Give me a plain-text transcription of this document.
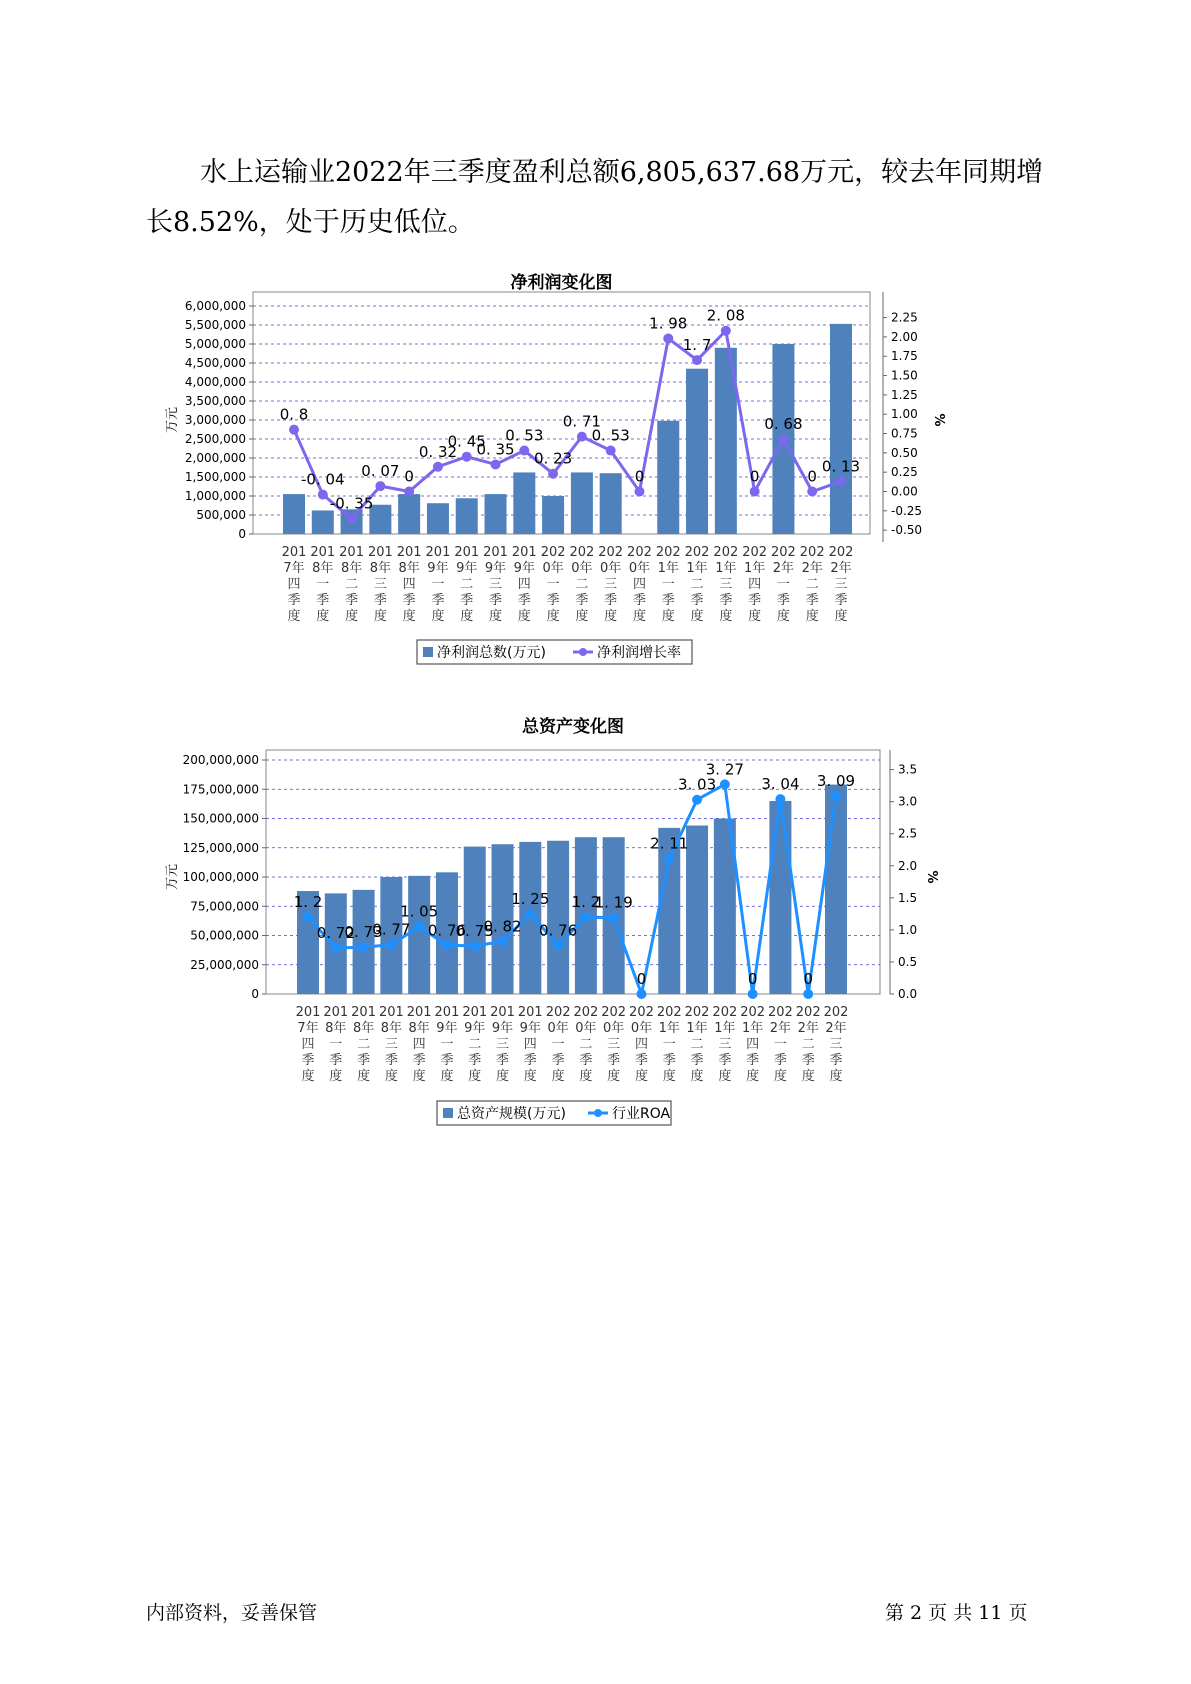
水上运输业2022年三季度盈利总额6,805,637.68万元，较去年同期增长8.52%，处于历史低位。

净利润变化图
0
500,000
1,000,000
1,500,000
2,000,000
2,500,000
3,000,000
3,500,000
4,000,000
4,500,000
5,000,000
5,500,000
6,000,000
-0.50
-0.25
0.00
0.25
0.50
0.75
1.00
1.25
1.50
1.75
2.00
2.25
万元	%
0. 8
-0. 04
-0. 35
0. 07 0
0. 32
0. 45
0. 35
0. 53
0. 23
0. 71
0. 53
0
1. 98
1. 7
2. 08
0
0. 68
0
0. 13
201
7年
四
季
度
201
8年
一
季
度
201
8年
二
季
度
201
8年
三
季
度
201
8年
四
季
度
201
9年
一
季
度
201
9年
二
季
度
201
9年
三
季
度
201
9年
四
季
度
202
0年
一
季
度
202
0年
二
季
度
202
0年
三
季
度
202
0年
四
季
度
202
1年
一
季
度
202
1年
二
季
度
202
1年
三
季
度
202
1年
四
季
度
202
2年
一
季
度
202
2年
二
季
度
202
2年
三
季
度
净利润总数(万元)	净利润增长率
总资产变化图
0
25,000,000
50,000,000
75,000,000
100,000,000
125,000,000
150,000,000
175,000,000
200,000,000
0.0
0.5
1.0
1.5
2.0
2.5
3.0
3.5
万元	%
1. 2
0. 72
0. 73
0. 77
1. 05
0. 76
0. 75
0. 82
1. 25
0. 76
1. 2
1. 19
0
2. 11
3. 03
3. 27
0
3. 04
0
3. 09
201
7年
四
季
度
201
8年
一
季
度
201
8年
二
季
度
201
8年
三
季
度
201
8年
四
季
度
201
9年
一
季
度
201
9年
二
季
度
201
9年
三
季
度
201
9年
四
季
度
202
0年
一
季
度
202
0年
二
季
度
202
0年
三
季
度
202
0年
四
季
度
202
1年
一
季
度
202
1年
二
季
度
202
1年
三
季
度
202
1年
四
季
度
202
2年
一
季
度
202
2年
二
季
度
202
2年
三
季
度
总资产规模(万元)	行业ROA
内部资料，妥善保管	第 2 页 共 11 页
